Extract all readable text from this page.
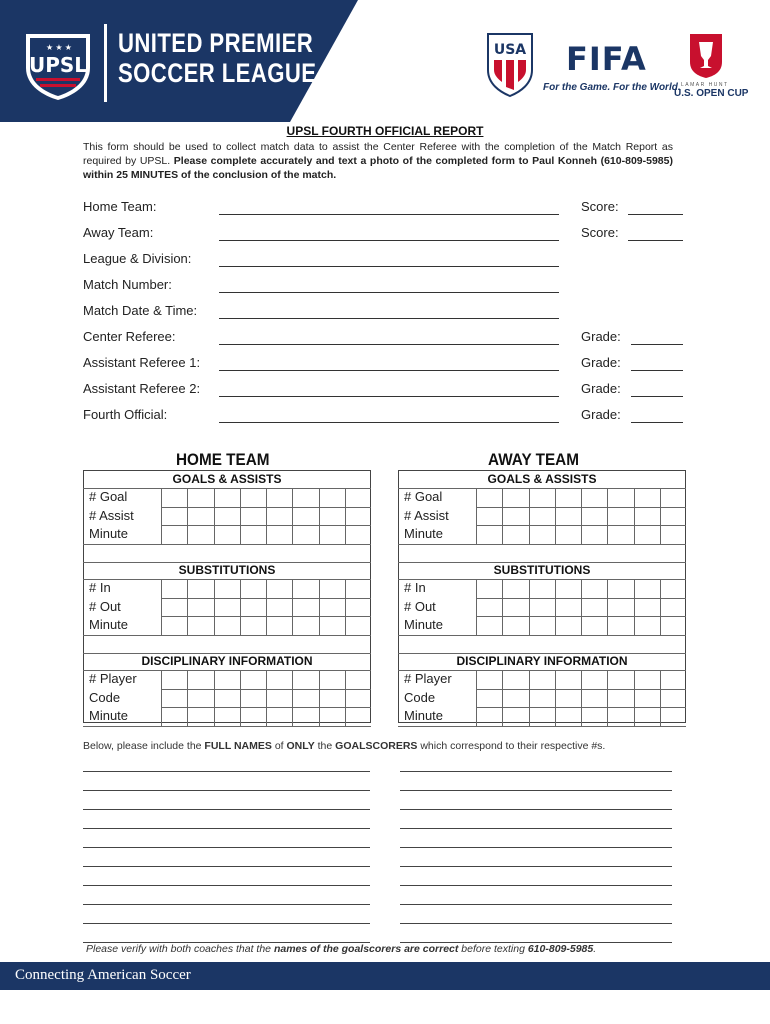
UPSL
★ ★ ★ UNITED PREMIER
SOCCER LEAGUE
USA FIFA
For the Game. For the World. LAMAR HUNT
U.S. OPEN CUP
UPSL FOURTH OFFICIAL REPORT
This form should be used to collect match data to assist the Center Referee with the completion of the Match Report as required by UPSL. Please complete accurately and text a photo of the completed form to Paul Konneh (610-809-5985) within 25 MINUTES of the conclusion of the match.
Home Team:	Score:
Away Team:	Score:
League & Division:
Match Number:
Match Date & Time:
Center Referee:	Grade:
Assistant Referee 1:	Grade:
Assistant Referee 2:	Grade:
Fourth Official:	Grade:
HOME TEAM	AWAY TEAM
GOALS & ASSISTS
# Goal
# Assist
Minute
SUBSTITUTIONS
# In
# Out
Minute
DISCIPLINARY INFORMATION
# Player
Code
Minute
GOALS & ASSISTS
# Goal
# Assist
Minute
SUBSTITUTIONS
# In
# Out
Minute
DISCIPLINARY INFORMATION
# Player
Code
Minute
Below, please include the FULL NAMES of ONLY the GOALSCORERS which correspond to their respective #s.
Please verify with both coaches that the names of the goalscorers are correct before texting 610-809-5985.
Connecting American Soccer
